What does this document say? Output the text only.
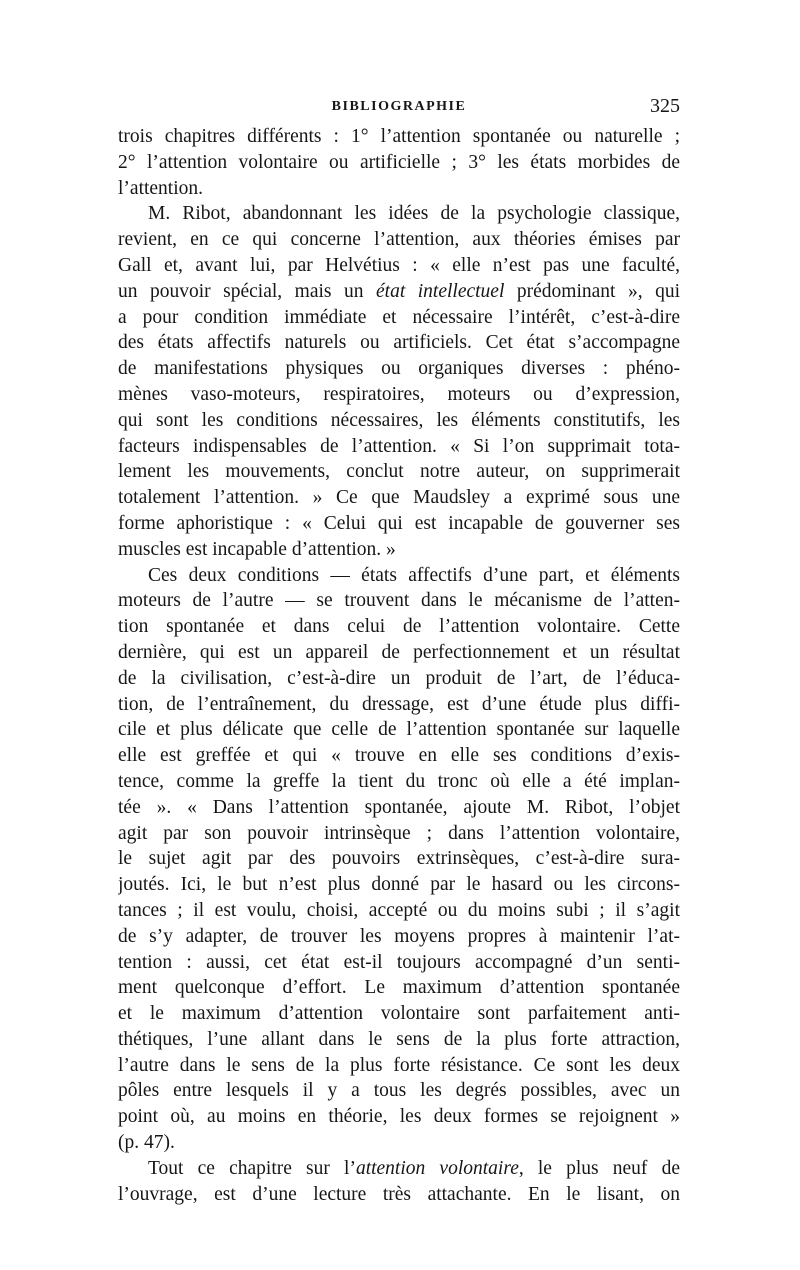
BIBLIOGRAPHIE	325
trois chapitres différents : 1° l’attention spontanée ou naturelle ;
2° l’attention volontaire ou artificielle ; 3° les états morbides de
l’attention.
M. Ribot, abandonnant les idées de la psychologie classique,
revient, en ce qui concerne l’attention, aux théories émises par
Gall et, avant lui, par Helvétius : « elle n’est pas une faculté,
un pouvoir spécial, mais un état intellectuel prédominant », qui
a pour condition immédiate et nécessaire l’intérêt, c’est-à-dire
des états affectifs naturels ou artificiels. Cet état s’accompagne
de manifestations physiques ou organiques diverses : phéno-
mènes vaso-moteurs, respiratoires, moteurs ou d’expression,
qui sont les conditions nécessaires, les éléments constitutifs, les
facteurs indispensables de l’attention. « Si l’on supprimait tota-
lement les mouvements, conclut notre auteur, on supprimerait
totalement l’attention. » Ce que Maudsley a exprimé sous une
forme aphoristique : « Celui qui est incapable de gouverner ses
muscles est incapable d’attention. »
Ces deux conditions — états affectifs d’une part, et éléments
moteurs de l’autre — se trouvent dans le mécanisme de l’atten-
tion spontanée et dans celui de l’attention volontaire. Cette
dernière, qui est un appareil de perfectionnement et un résultat
de la civilisation, c’est-à-dire un produit de l’art, de l’éduca-
tion, de l’entraînement, du dressage, est d’une étude plus diffi-
cile et plus délicate que celle de l’attention spontanée sur laquelle
elle est greffée et qui « trouve en elle ses conditions d’exis-
tence, comme la greffe la tient du tronc où elle a été implan-
tée ». « Dans l’attention spontanée, ajoute M. Ribot, l’objet
agit par son pouvoir intrinsèque ; dans l’attention volontaire,
le sujet agit par des pouvoirs extrinsèques, c’est-à-dire sura-
joutés. Ici, le but n’est plus donné par le hasard ou les circons-
tances ; il est voulu, choisi, accepté ou du moins subi ; il s’agit
de s’y adapter, de trouver les moyens propres à maintenir l’at-
tention : aussi, cet état est-il toujours accompagné d’un senti-
ment quelconque d’effort. Le maximum d’attention spontanée
et le maximum d’attention volontaire sont parfaitement anti-
thétiques, l’une allant dans le sens de la plus forte attraction,
l’autre dans le sens de la plus forte résistance. Ce sont les deux
pôles entre lesquels il y a tous les degrés possibles, avec un
point où, au moins en théorie, les deux formes se rejoignent »
(p. 47).
Tout ce chapitre sur l’attention volontaire, le plus neuf de
l’ouvrage, est d’une lecture très attachante. En le lisant, on
